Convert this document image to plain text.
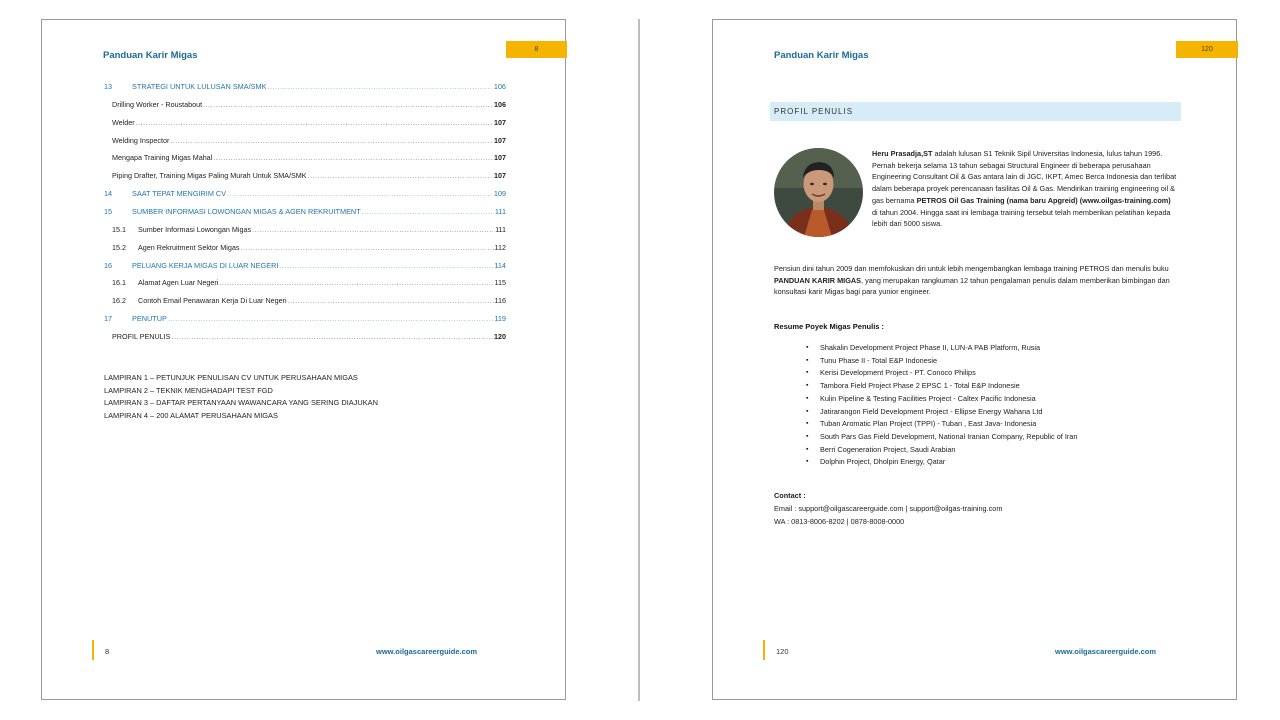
Panduan Karir Migas
8
13	STRATEGI UNTUK LULUSAN SMA/SMK .....	106
Drilling Worker - Roustabout .....	106
Welder .....	107
Welding Inspector .....	107
Mengapa Training Migas Mahal .....	107
Piping Drafter, Training Migas Paling Murah Untuk SMA/SMK .....	107
14	SAAT TEPAT MENGIRIM CV .....	109
15	SUMBER INFORMASI LOWONGAN MIGAS & AGEN REKRUITMENT .....	111
15.1	Sumber Informasi Lowongan Migas .....	111
15.2	Agen Rekruitment Sektor Migas .....	112
16	PELUANG KERJA MIGAS DI LUAR NEGERI .....	114
16.1	Alamat Agen Luar Negeri .....	115
16.2	Contoh Email Penawaran Kerja Di Luar Negeri .....	116
17	PENUTUP .....	119
PROFIL PENULIS .....	120
LAMPIRAN 1 – PETUNJUK PENULISAN CV UNTUK PERUSAHAAN MIGAS
LAMPIRAN 2 – TEKNIK MENGHADAPI TEST FGD
LAMPIRAN 3 – DAFTAR PERTANYAAN WAWANCARA YANG SERING DIAJUKAN
LAMPIRAN 4 – 200 ALAMAT PERUSAHAAN MIGAS
8	www.oilgascareerguide.com
Panduan Karir Migas
120
PROFIL PENULIS
Heru Prasadja,ST adalah lulusan S1 Teknik Sipil Universitas Indonesia, lulus tahun 1996. Pernah bekerja selama 13 tahun sebagai Structural Engineer di beberapa perusahaan Engineering Consultant Oil & Gas antara lain di JGC, IKPT, Amec Berca Indonesia dan terlibat dalam beberapa proyek perencanaan fasilitas Oil & Gas. Mendirikan training engineering oil & gas bernama PETROS Oil Gas Training (nama baru Apgreid) (www.oilgas-training.com) di tahun 2004. Hingga saat ini lembaga training tersebut telah memberikan pelatihan kepada lebih dari 5000 siswa.
Pensiun dini tahun 2009 dan memfokuskan diri untuk lebih mengembangkan lembaga training PETROS dan menulis buku PANDUAN KARIR MIGAS, yang merupakan rangkuman 12 tahun pengalaman penulis dalam memberikan bimbingan dan konsultasi karir Migas bagi para yunior engineer.
Resume Poyek Migas Penulis :
▪ Shakalin Development Project Phase II, LUN-A PAB Platform, Rusia
▪ Tunu Phase II - Total E&P Indonesie
▪ Kerisi Development Project - PT. Conoco Philips
▪ Tambora Field Project Phase 2 EPSC 1 - Total E&P Indonesie
▪ Kulin Pipeline & Testing Facilities Project - Caltex Pacific Indonesia
▪ Jatirarangon Field Development Project - Ellipse Energy Wahana Ltd
▪ Tuban Aromatic Plan Project (TPPI) - Tuban , East Java- Indonesia
▪ South Pars Gas Field Development, National Iranian Company, Republic of Iran
▪ Berri Cogeneration Project, Saudi Arabian
▪ Dolphin Project, Dholpin Energy, Qatar
Contact :
Email : support@oilgascareerguide.com | support@oilgas-training.com
WA : 0813-8006-8202 | 0878-8008-0000
120	www.oilgascareerguide.com
